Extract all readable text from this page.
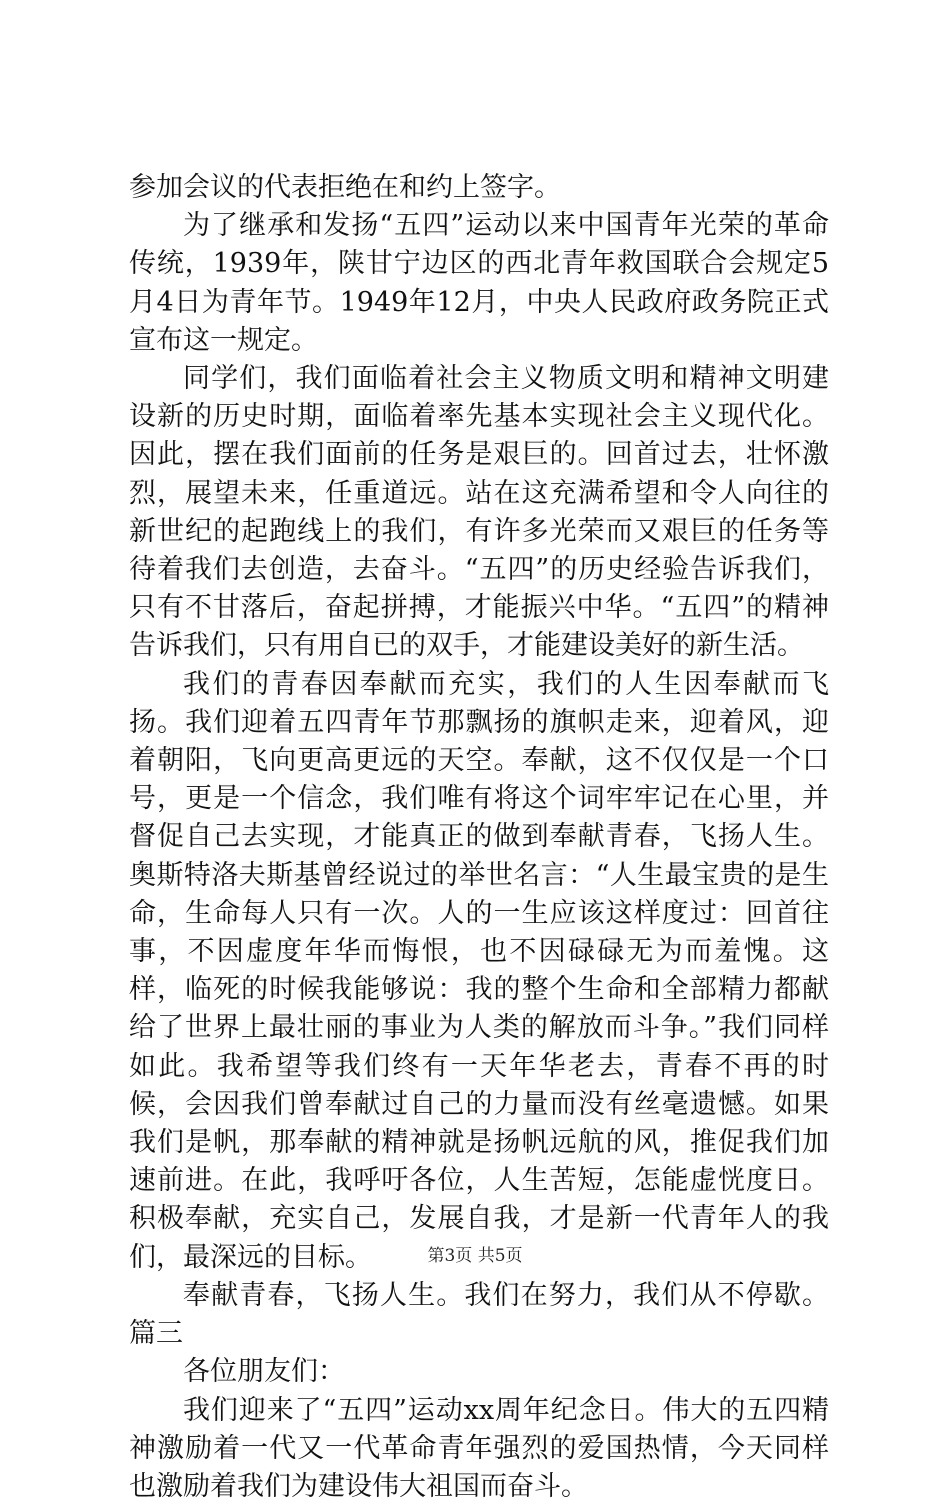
参加会议的代表拒绝在和约上签字。

为了继承和发扬“五四”运动以来中国青年光荣的革命传统，1939年，陕甘宁边区的西北青年救国联合会规定5月4日为青年节。1949年12月，中央人民政府政务院正式宣布这一规定。

同学们，我们面临着社会主义物质文明和精神文明建设新的历史时期，面临着率先基本实现社会主义现代化。因此，摆在我们面前的任务是艰巨的。回首过去，壮怀激烈，展望未来，任重道远。站在这充满希望和令人向往的新世纪的起跑线上的我们，有许多光荣而又艰巨的任务等待着我们去创造，去奋斗。“五四”的历史经验告诉我们，只有不甘落后，奋起拼搏，才能振兴中华。“五四”的精神告诉我们，只有用自已的双手，才能建设美好的新生活。

我们的青春因奉献而充实，我们的人生因奉献而飞扬。我们迎着五四青年节那飘扬的旗帜走来，迎着风，迎着朝阳，飞向更高更远的天空。奉献，这不仅仅是一个口号，更是一个信念，我们唯有将这个词牢牢记在心里，并督促自己去实现，才能真正的做到奉献青春，飞扬人生。奥斯特洛夫斯基曾经说过的举世名言：“人生最宝贵的是生命，生命每人只有一次。人的一生应该这样度过：回首往事，不因虚度年华而悔恨，也不因碌碌无为而羞愧。这样，临死的时候我能够说：我的整个生命和全部精力都献给了世界上最壮丽的事业为人类的解放而斗争。”我们同样如此。我希望等我们终有一天年华老去，青春不再的时候，会因我们曾奉献过自己的力量而没有丝毫遗憾。如果我们是帆，那奉献的精神就是扬帆远航的风，推促我们加速前进。在此，我呼吁各位，人生苦短，怎能虚恍度日。积极奉献，充实自己，发展自我，才是新一代青年人的我们，最深远的目标。

奉献青春，飞扬人生。我们在努力，我们从不停歇。篇三

各位朋友们：

我们迎来了“五四”运动xx周年纪念日。伟大的五四精神激励着一代又一代革命青年强烈的爱国热情，今天同样也激励着我们为建设伟大祖国而奋斗。

第3页 共5页
